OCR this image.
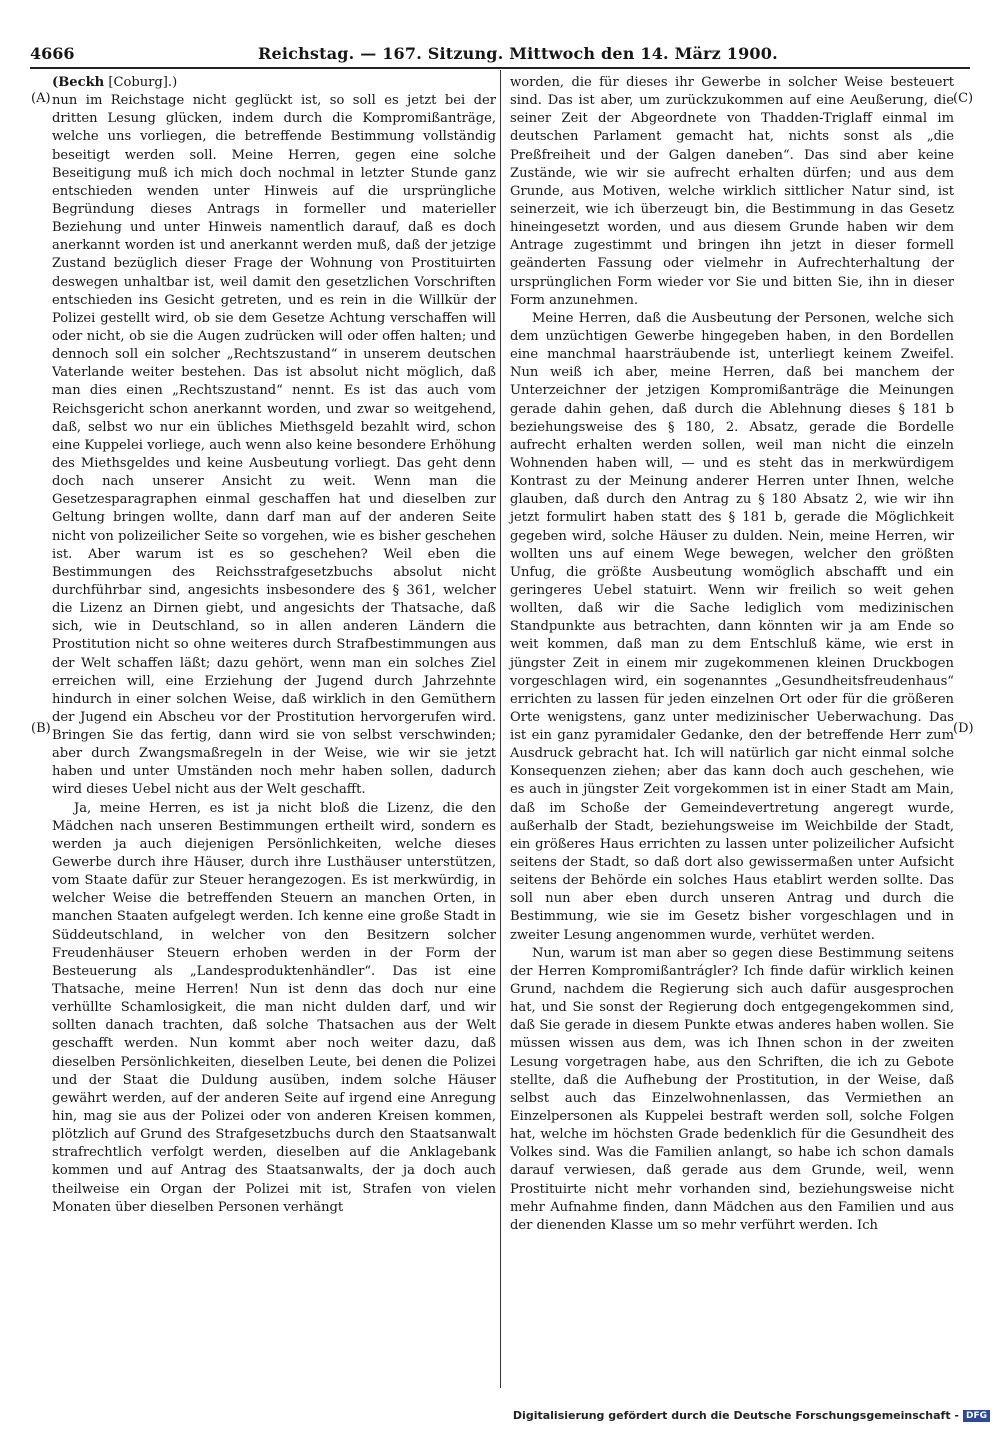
4666	Reichstag. — 167. Sitzung. Mittwoch den 14. März 1900.
(A)
(B)
(C)
(D)
(Beckh [Coburg].)

nun im Reichstage nicht geglückt ist, so soll es jetzt bei der dritten Lesung glücken, indem durch die Kompromißanträge, welche uns vorliegen, die betreffende Bestimmung vollständig beseitigt werden soll. Meine Herren, gegen eine solche Beseitigung muß ich mich doch nochmal in letzter Stunde ganz entschieden wenden unter Hinweis auf die ursprüngliche Begründung dieses Antrags in formeller und materieller Beziehung und unter Hinweis namentlich darauf, daß es doch anerkannt worden ist und anerkannt werden muß, daß der jetzige Zustand bezüglich dieser Frage der Wohnung von Prostituirten deswegen unhaltbar ist, weil damit den gesetzlichen Vorschriften entschieden ins Gesicht getreten, und es rein in die Willkür der Polizei gestellt wird, ob sie dem Gesetze Achtung verschaffen will oder nicht, ob sie die Augen zudrücken will oder offen halten; und dennoch soll ein solcher „Rechtszustand“ in unserem deutschen Vaterlande weiter bestehen. Das ist absolut nicht möglich, daß man dies einen „Rechtszustand“ nennt. Es ist das auch vom Reichsgericht schon anerkannt worden, und zwar so weitgehend, daß, selbst wo nur ein übliches Miethsgeld bezahlt wird, schon eine Kuppelei vorliege, auch wenn also keine besondere Erhöhung des Miethsgeldes und keine Ausbeutung vorliegt. Das geht denn doch nach unserer Ansicht zu weit. Wenn man die Gesetzesparagraphen einmal geschaffen hat und dieselben zur Geltung bringen wollte, dann darf man auf der anderen Seite nicht von polizeilicher Seite so vorgehen, wie es bisher geschehen ist. Aber warum ist es so geschehen? Weil eben die Bestimmungen des Reichsstrafgesetzbuchs absolut nicht durchführbar sind, angesichts insbesondere des § 361, welcher die Lizenz an Dirnen giebt, und angesichts der Thatsache, daß sich, wie in Deutschland, so in allen anderen Ländern die Prostitution nicht so ohne weiteres durch Strafbestimmungen aus der Welt schaffen läßt; dazu gehört, wenn man ein solches Ziel erreichen will, eine Erziehung der Jugend durch Jahrzehnte hindurch in einer solchen Weise, daß wirklich in den Gemüthern der Jugend ein Abscheu vor der Prostitution hervorgerufen wird. Bringen Sie das fertig, dann wird sie von selbst verschwinden; aber durch Zwangsmaßregeln in der Weise, wie wir sie jetzt haben und unter Umständen noch mehr haben sollen, dadurch wird dieses Uebel nicht aus der Welt geschafft.

Ja, meine Herren, es ist ja nicht bloß die Lizenz, die den Mädchen nach unseren Bestimmungen ertheilt wird, sondern es werden ja auch diejenigen Persönlichkeiten, welche dieses Gewerbe durch ihre Häuser, durch ihre Lusthäuser unterstützen, vom Staate dafür zur Steuer herangezogen. Es ist merkwürdig, in welcher Weise die betreffenden Steuern an manchen Orten, in manchen Staaten aufgelegt werden. Ich kenne eine große Stadt in Süddeutschland, in welcher von den Besitzern solcher Freudenhäuser Steuern erhoben werden in der Form der Besteuerung als „Landesproduktenhändler“. Das ist eine Thatsache, meine Herren! Nun ist denn das doch nur eine verhüllte Schamlosigkeit, die man nicht dulden darf, und wir sollten danach trachten, daß solche Thatsachen aus der Welt geschafft werden. Nun kommt aber noch weiter dazu, daß dieselben Persönlichkeiten, dieselben Leute, bei denen die Polizei und der Staat die Duldung ausüben, indem solche Häuser gewährt werden, auf der anderen Seite auf irgend eine Anregung hin, mag sie aus der Polizei oder von anderen Kreisen kommen, plötzlich auf Grund des Strafgesetzbuchs durch den Staatsanwalt strafrechtlich verfolgt werden, dieselben auf die Anklagebank kommen und auf Antrag des Staatsanwalts, der ja doch auch theilweise ein Organ der Polizei mit ist, Strafen von vielen Monaten über dieselben Personen verhängt

worden, die für dieses ihr Gewerbe in solcher Weise besteuert sind. Das ist aber, um zurückzukommen auf eine Aeußerung, die seiner Zeit der Abgeordnete von Thadden-Triglaff einmal im deutschen Parlament gemacht hat, nichts sonst als „die Preßfreiheit und der Galgen daneben“. Das sind aber keine Zustände, wie wir sie aufrecht erhalten dürfen; und aus dem Grunde, aus Motiven, welche wirklich sittlicher Natur sind, ist seinerzeit, wie ich überzeugt bin, die Bestimmung in das Gesetz hineingesetzt worden, und aus diesem Grunde haben wir dem Antrage zugestimmt und bringen ihn jetzt in dieser formell geänderten Fassung oder vielmehr in Aufrechterhaltung der ursprünglichen Form wieder vor Sie und bitten Sie, ihn in dieser Form anzunehmen.

Meine Herren, daß die Ausbeutung der Personen, welche sich dem unzüchtigen Gewerbe hingegeben haben, in den Bordellen eine manchmal haarsträubende ist, unterliegt keinem Zweifel. Nun weiß ich aber, meine Herren, daß bei manchem der Unterzeichner der jetzigen Kompromißanträge die Meinungen gerade dahin gehen, daß durch die Ablehnung dieses § 181 b beziehungsweise des § 180, 2. Absatz, gerade die Bordelle aufrecht erhalten werden sollen, weil man nicht die einzeln Wohnenden haben will, — und es steht das in merkwürdigem Kontrast zu der Meinung anderer Herren unter Ihnen, welche glauben, daß durch den Antrag zu § 180 Absatz 2, wie wir ihn jetzt formulirt haben statt des § 181 b, gerade die Möglichkeit gegeben wird, solche Häuser zu dulden. Nein, meine Herren, wir wollten uns auf einem Wege bewegen, welcher den größten Unfug, die größte Ausbeutung womöglich abschafft und ein geringeres Uebel statuirt. Wenn wir freilich so weit gehen wollten, daß wir die Sache lediglich vom medizinischen Standpunkte aus betrachten, dann könnten wir ja am Ende so weit kommen, daß man zu dem Entschluß käme, wie erst in jüngster Zeit in einem mir zugekommenen kleinen Druckbogen vorgeschlagen wird, ein sogenanntes „Gesundheitsfreudenhaus“ errichten zu lassen für jeden einzelnen Ort oder für die größeren Orte wenigstens, ganz unter medizinischer Ueberwachung. Das ist ein ganz pyramidaler Gedanke, den der betreffende Herr zum Ausdruck gebracht hat. Ich will natürlich gar nicht einmal solche Konsequenzen ziehen; aber das kann doch auch geschehen, wie es auch in jüngster Zeit vorgekommen ist in einer Stadt am Main, daß im Schoße der Gemeindevertretung angeregt wurde, außerhalb der Stadt, beziehungsweise im Weichbilde der Stadt, ein größeres Haus errichten zu lassen unter polizeilicher Aufsicht seitens der Stadt, so daß dort also gewissermaßen unter Aufsicht seitens der Behörde ein solches Haus etablirt werden sollte. Das soll nun aber eben durch unseren Antrag und durch die Bestimmung, wie sie im Gesetz bisher vorgeschlagen und in zweiter Lesung angenommen wurde, verhütet werden.

Nun, warum ist man aber so gegen diese Bestimmung seitens der Herren Kompromißantrágler? Ich finde dafür wirklich keinen Grund, nachdem die Regierung sich auch dafür ausgesprochen hat, und Sie sonst der Regierung doch entgegengekommen sind, daß Sie gerade in diesem Punkte etwas anderes haben wollen. Sie müssen wissen aus dem, was ich Ihnen schon in der zweiten Lesung vorgetragen habe, aus den Schriften, die ich zu Gebote stellte, daß die Aufhebung der Prostitution, in der Weise, daß selbst auch das Einzelwohnenlassen, das Vermiethen an Einzelpersonen als Kuppelei bestraft werden soll, solche Folgen hat, welche im höchsten Grade bedenklich für die Gesundheit des Volkes sind. Was die Familien anlangt, so habe ich schon damals darauf verwiesen, daß gerade aus dem Grunde, weil, wenn Prostituirte nicht mehr vorhanden sind, beziehungsweise nicht mehr Aufnahme finden, dann Mädchen aus den Familien und aus der dienenden Klasse um so mehr verführt werden. Ich

Digitalisierung gefördert durch die Deutsche Forschungsgemeinschaft - DFG
